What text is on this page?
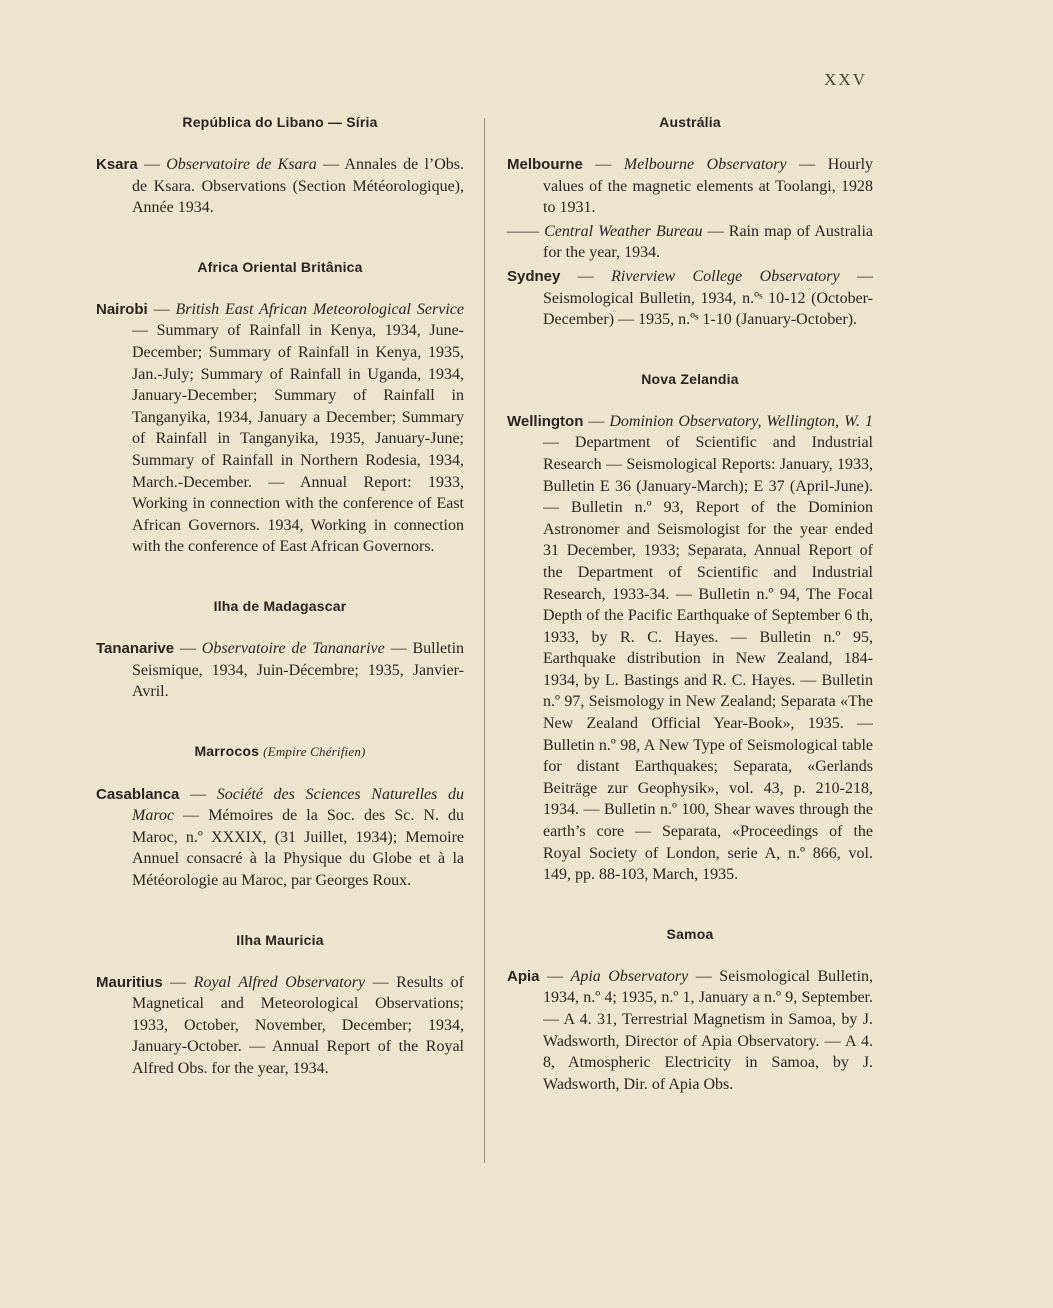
XXV
República do Libano — Síria

Ksara — Observatoire de Ksara — Annales de l’Obs. de Ksara. Observations (Section Météorologique), Année 1934.

Africa Oriental Britânica

Nairobi — British East African Meteorological Service — Summary of Rainfall in Kenya, 1934, June-December; Summary of Rainfall in Kenya, 1935, Jan.-July; Summary of Rainfall in Uganda, 1934, January-December; Summary of Rainfall in Tanganyika, 1934, January a December; Summary of Rainfall in Tanganyika, 1935, January-June; Summary of Rainfall in Northern Rodesia, 1934, March.-December. — Annual Report: 1933, Working in connection with the conference of East African Governors. 1934, Working in connection with the conference of East African Governors.

Ilha de Madagascar

Tananarive — Observatoire de Tananarive — Bulletin Seismique, 1934, Juin-Décembre; 1935, Janvier-Avril.

Marrocos (Empire Chérifien)

Casablanca — Société des Sciences Naturelles du Maroc — Mémoires de la Soc. des Sc. N. du Maroc, n.º XXXIX, (31 Juillet, 1934); Memoire Annuel consacré à la Physique du Globe et à la Météorologie au Maroc, par Georges Roux.

Ilha Mauricia

Mauritius — Royal Alfred Observatory — Results of Magnetical and Meteorological Observations; 1933, October, November, December; 1934, January-October. — Annual Report of the Royal Alfred Obs. for the year, 1934.

Austrália

Melbourne — Melbourne Observatory — Hourly values of the magnetic elements at Toolangi, 1928 to 1931.

—— Central Weather Bureau — Rain map of Australia for the year, 1934.

Sydney — Riverview College Observatory — Seismological Bulletin, 1934, n.ºˢ 10-12 (October-December) — 1935, n.ºˢ 1-10 (January-October).

Nova Zelandia

Wellington — Dominion Observatory, Wellington, W. 1 — Department of Scientific and Industrial Research — Seismological Reports: January, 1933, Bulletin E 36 (January-March); E 37 (April-June). — Bulletin n.º 93, Report of the Dominion Astronomer and Seismologist for the year ended 31 December, 1933; Separata, Annual Report of the Department of Scientific and Industrial Research, 1933-34. — Bulletin n.º 94, The Focal Depth of the Pacific Earthquake of September 6 th, 1933, by R. C. Hayes. — Bulletin n.º 95, Earthquake distribution in New Zealand, 184-1934, by L. Bastings and R. C. Hayes. — Bulletin n.º 97, Seismology in New Zealand; Separata «The New Zealand Official Year-Book», 1935. — Bulletin n.º 98, A New Type of Seismological table for distant Earthquakes; Separata, «Gerlands Beiträge zur Geophysik», vol. 43, p. 210-218, 1934. — Bulletin n.º 100, Shear waves through the earth’s core — Separata, «Proceedings of the Royal Society of London, serie A, n.º 866, vol. 149, pp. 88-103, March, 1935.

Samoa

Apia — Apia Observatory — Seismological Bulletin, 1934, n.º 4; 1935, n.º 1, January a n.º 9, September. — A 4. 31, Terrestrial Magnetism in Samoa, by J. Wadsworth, Director of Apia Observatory. — A 4. 8, Atmospheric Electricity in Samoa, by J. Wadsworth, Dir. of Apia Obs.
